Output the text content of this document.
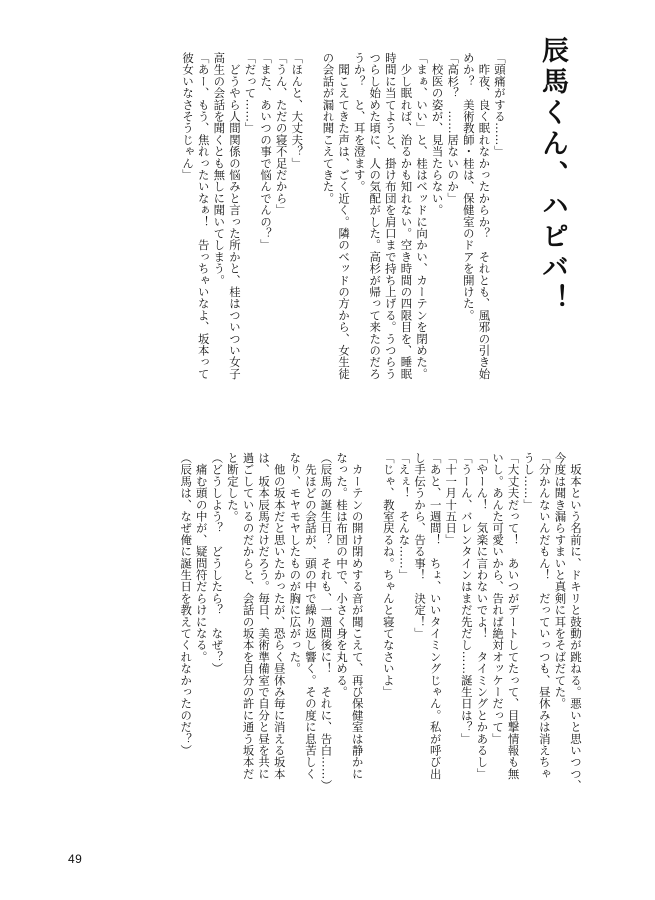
辰馬くん、ハピバ！
「頭痛がする……」
　昨夜、良く眠れなかったからか？　それとも、風邪の引き始
めか？　美術教師・桂は、保健室のドアを開けた。
「高杉？　……居ないのか」
　校医の姿が、見当たらない。
「まぁ、いい」と、桂はベッドに向かい、カーテンを閉めた。
　少し眠れば、治るかも知れない。空き時間の四限目を、睡眠
時間に当てようと、掛け布団を肩口まで持ち上げる。うつらう
つらし始めた頃に、人の気配がした。高杉が帰って来たのだろ
うか？　と、耳を澄ます。
　聞こえてきた声は、ごく近く。隣のベッドの方から、女生徒
の会話が漏れ聞こえてきた。

「ほんと、大丈夫？」
「うん、ただの寝不足だから」
「また、あいつの事で悩んでんの？」
「だって……」
　どうやら人間関係の悩みと言った所かと、桂はついつい女子
高生の会話を聞くとも無しに聞いてしまう。
「あー、もう、焦れったいなぁ！　告っちゃいなよ、坂本って
彼女いなさそうじゃん」
　坂本という名前に、ドキリと鼓動が跳ねる。悪いと思いつつ、
今度は聞き漏らすまいと真剣に耳をそばだてた。
「分かんないんだもん！　だっていっつも、昼休みは消えちゃ
うし……」
「大丈夫だって！　あいつがデートしてたって、目撃情報も無
いし。あんた可愛いから、告れば絶対オッケーだって」
「やーん！　気楽に言わないでよ！　タイミングとかあるし」
「うーん、バレンタインはまだ先だし……誕生日は？」
「十一月十五日」
「あと、一週間！　ちょ、いいタイミングじゃん。私が呼び出
し手伝うから、告る事！　決定！」
「えぇ！　そんな……」
「じゃ、教室戻るね。ちゃんと寝てなさいよ」

　カーテンの開け閉めする音が聞こえて、再び保健室は静かに
なった。桂は布団の中で、小さく身を丸める。
（辰馬の誕生日？　それも、一週間後に！　それに、告白……）
　先ほどの会話が、頭の中で繰り返し響く。その度に息苦しく
なり、モヤモヤしたものが胸に広がった。
　他の坂本だと思いたかったが、恐らく昼休み毎に消える坂本
は、坂本辰馬だけだろう。毎日、美術準備室で自分と昼を共に
過ごしているのだからと、会話の坂本を自分の許に通う坂本だ
と断定した。
（どうしよう？　どうしたら？　なぜ？）
　痛む頭の中が、疑問符だらけになる。
（辰馬は、なぜ俺に誕生日を教えてくれなかったのだ？）
49
